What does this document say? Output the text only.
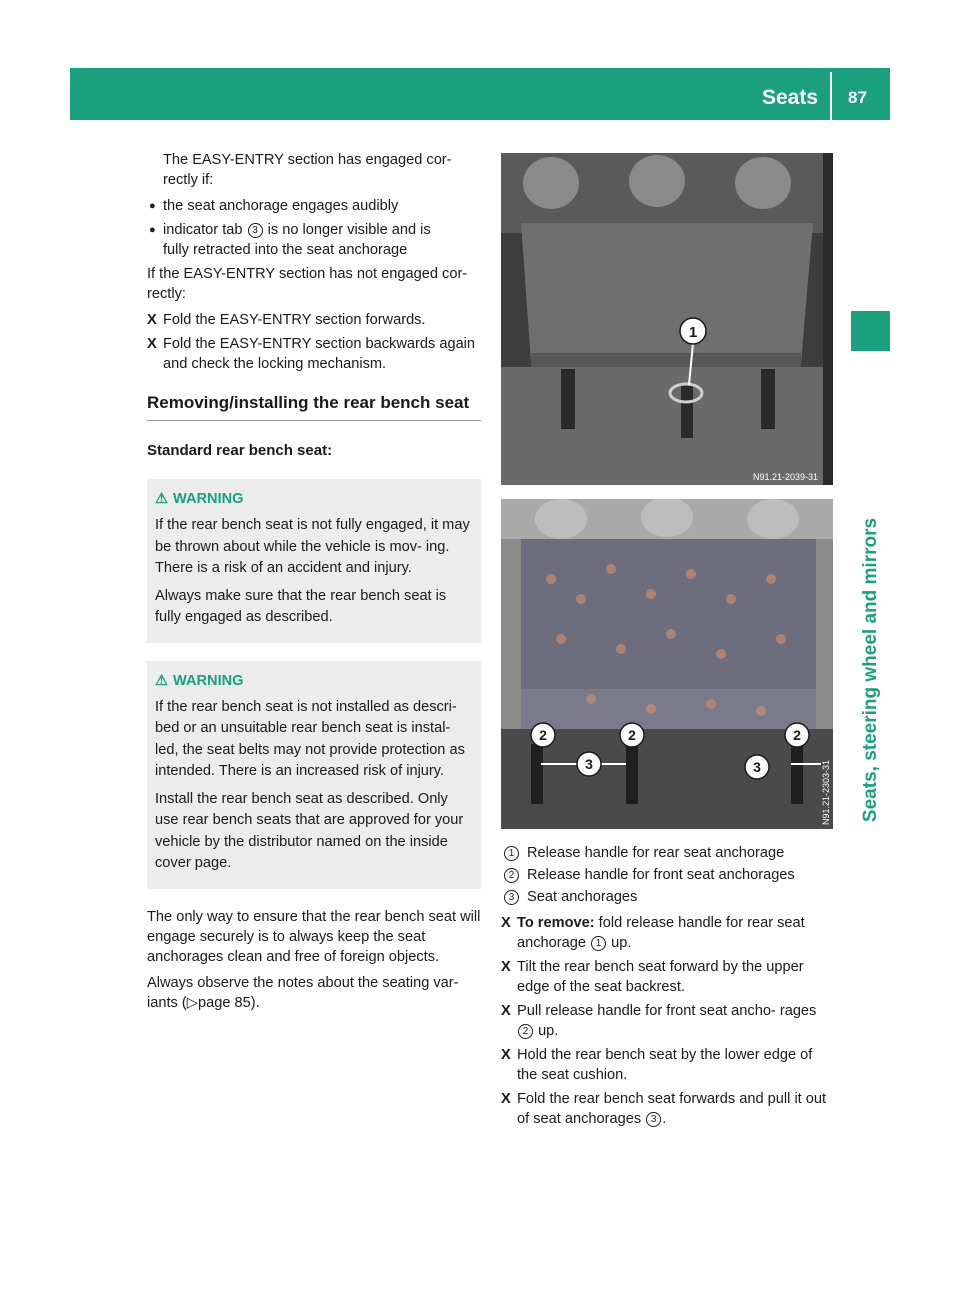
Seats 87
Seats, steering wheel and mirrors

The EASY-ENTRY section has engaged cor-
rectly if:

● the seat anchorage engages audibly
● indicator tab 3 is no longer visible and is
fully retracted into the seat anchorage

If the EASY-ENTRY section has not engaged cor- rectly:

X Fold the EASY-ENTRY section forwards.
X Fold the EASY-ENTRY section backwards again and check the locking mechanism.
Removing/installing the rear bench seat
Standard rear bench seat:
⚠ WARNING

If the rear bench seat is not fully engaged, it may be thrown about while the vehicle is mov- ing. There is a risk of an accident and injury.

Always make sure that the rear bench seat is fully engaged as described.

⚠ WARNING

If the rear bench seat is not installed as descri- bed or an unsuitable rear bench seat is instal- led, the seat belts may not provide protection as intended. There is an increased risk of injury.

Install the rear bench seat as described. Only use rear bench seats that are approved for your vehicle by the distributor named on the inside cover page.

The only way to ensure that the rear bench seat will engage securely is to always keep the seat anchorages clean and free of foreign objects.

Always observe the notes about the seating var- iants (▷page 85).

1
N91.21-2039-31
2	2	2
3	3	N91.21-2303-31
1 Release handle for rear seat anchorage
2 Release handle for front seat anchorages
3 Seat anchorages
X To remove: fold release handle for rear seat anchorage 1 up.
X Tilt the rear bench seat forward by the upper edge of the seat backrest.
X Pull release handle for front seat ancho- rages 2 up.
X Hold the rear bench seat by the lower edge of the seat cushion.
X Fold the rear bench seat forwards and pull it out of seat anchorages 3 .
